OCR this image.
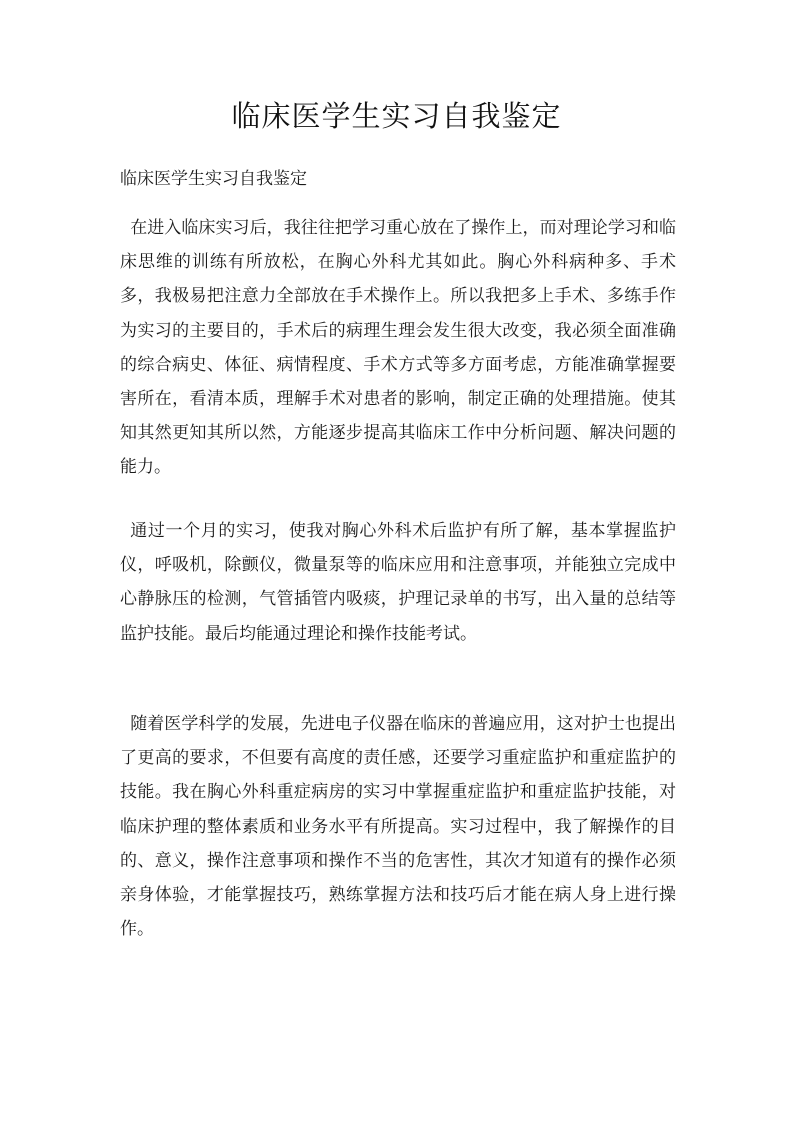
临床医学生实习自我鉴定
临床医学生实习自我鉴定

在进入临床实习后，我往往把学习重心放在了操作上，而对理论学习和临床思维的训练有所放松，在胸心外科尤其如此。胸心外科病种多、手术多，我极易把注意力全部放在手术操作上。所以我把多上手术、多练手作为实习的主要目的，手术后的病理生理会发生很大改变，我必须全面准确的综合病史、体征、病情程度、手术方式等多方面考虑，方能准确掌握要害所在，看清本质，理解手术对患者的影响，制定正确的处理措施。使其知其然更知其所以然，方能逐步提高其临床工作中分析问题、解决问题的能力。

通过一个月的实习，使我对胸心外科术后监护有所了解，基本掌握监护仪，呼吸机，除颤仪，微量泵等的临床应用和注意事项，并能独立完成中心静脉压的检测，气管插管内吸痰，护理记录单的书写，出入量的总结等监护技能。最后均能通过理论和操作技能考试。

随着医学科学的发展，先进电子仪器在临床的普遍应用，这对护士也提出了更高的要求，不但要有高度的责任感，还要学习重症监护和重症监护的技能。我在胸心外科重症病房的实习中掌握重症监护和重症监护技能，对临床护理的整体素质和业务水平有所提高。实习过程中，我了解操作的目的、意义，操作注意事项和操作不当的危害性，其次才知道有的操作必须亲身体验，才能掌握技巧，熟练掌握方法和技巧后才能在病人身上进行操作。
